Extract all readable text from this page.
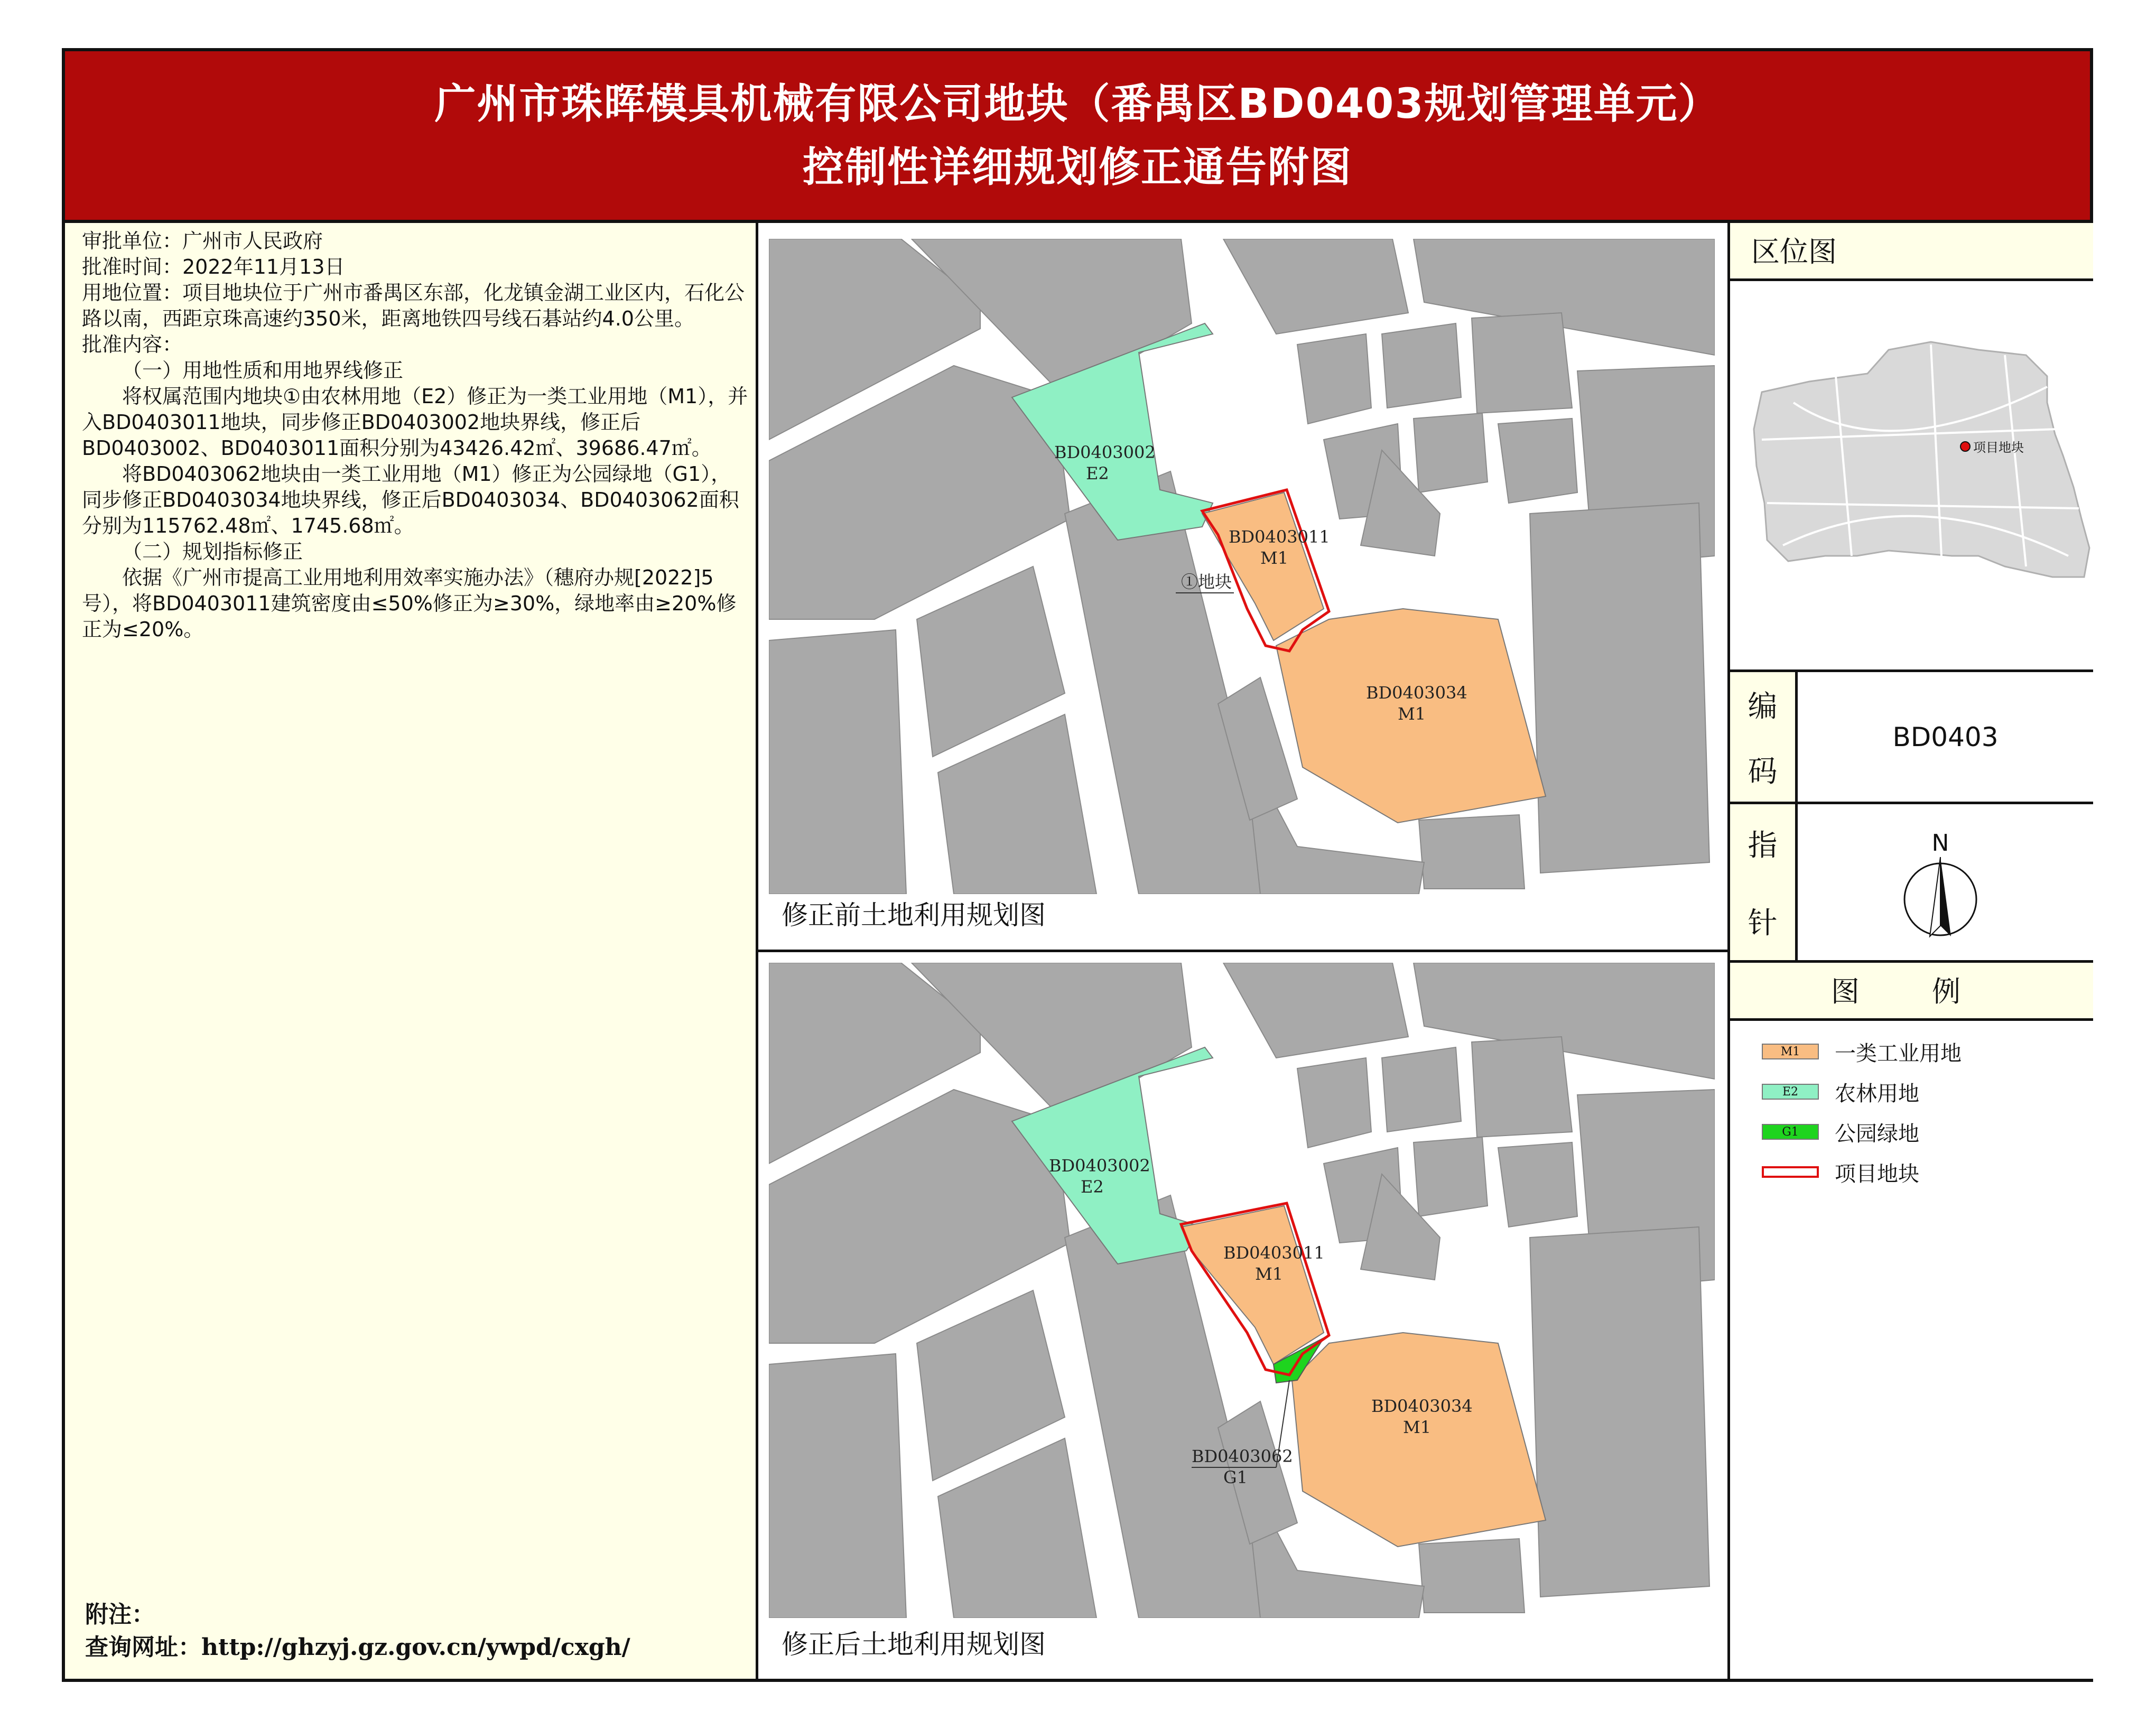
广州市珠晖模具机械有限公司地块（番禺区BD0403规划管理单元）
控制性详细规划修正通告附图

审批单位：广州市人民政府

批准时间：2022年11月13日

用地位置：项目地块位于广州市番禺区东部，化龙镇金湖工业区内，石化公路以南，西距京珠高速约350米，距离地铁四号线石碁站约4.0公里。

批准内容：

（一）用地性质和用地界线修正

将权属范围内地块①由农林用地（E2）修正为一类工业用地（M1），并入BD0403011地块，同步修正BD0403002地块界线，修正后BD0403002、BD0403011面积分别为43426.42㎡、39686.47㎡。

将BD0403062地块由一类工业用地（M1）修正为公园绿地（G1），同步修正BD0403034地块界线，修正后BD0403034、BD0403062面积分别为115762.48㎡、1745.68㎡。

（二）规划指标修正

依据《广州市提高工业用地利用效率实施办法》（穗府办规[2022]5号），将BD0403011建筑密度由≤50%修正为≥30%，绿地率由≥20%修正为≤20%。

附注：

查询网址：http://ghzyj.gz.gov.cn/ywpd/cxgh/

BD0403002
E2
BD0403011
M1
BD0403034
M1
①地块
修正前土地利用规划图
BD0403002
E2
BD0403011
M1
BD0403034
M1
BD0403062
G1
修正后土地利用规划图
区位图
项目地块
编
码
BD0403
指
针
N
图 例
M1	一类工业用地
E2	农林用地
G1	公园绿地
项目地块
